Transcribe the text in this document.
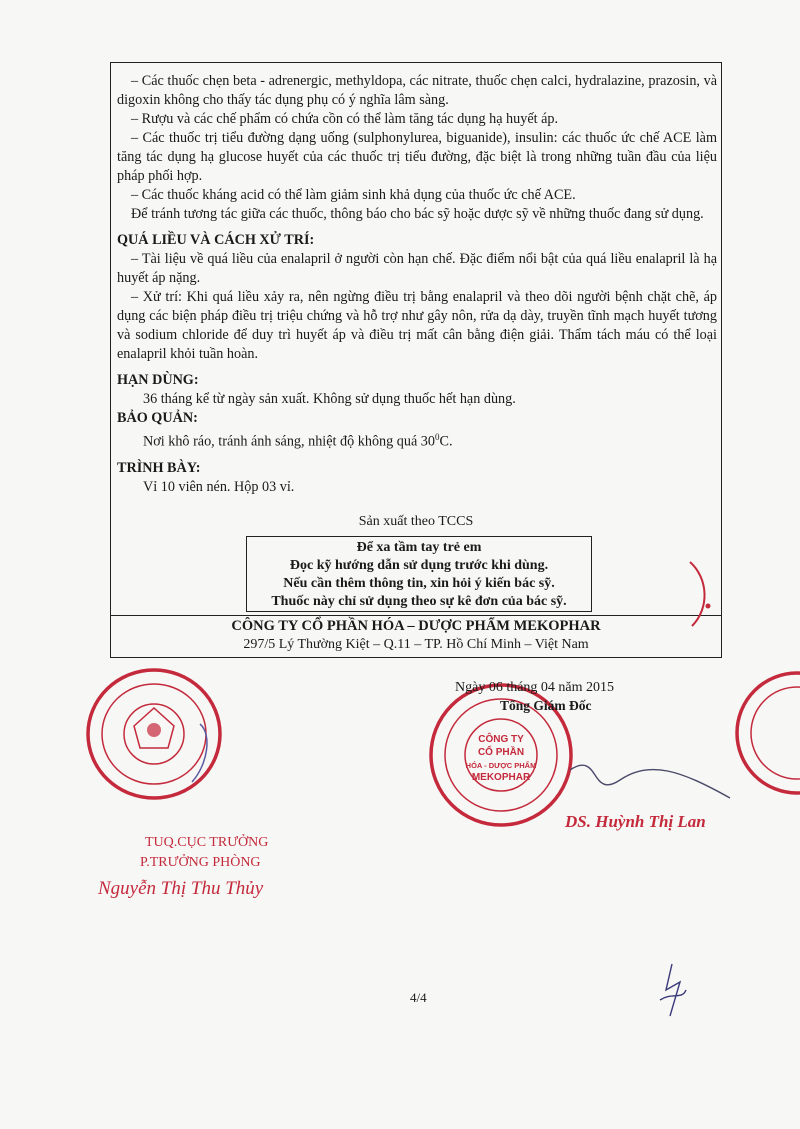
– Các thuốc chẹn beta - adrenergic, methyldopa, các nitrate, thuốc chẹn calci, hydralazine, prazosin, và digoxin không cho thấy tác dụng phụ có ý nghĩa lâm sàng.

– Rượu và các chế phẩm có chứa cồn có thể làm tăng tác dụng hạ huyết áp.

– Các thuốc trị tiểu đường dạng uống (sulphonylurea, biguanide), insulin: các thuốc ức chế ACE làm tăng tác dụng hạ glucose huyết của các thuốc trị tiểu đường, đặc biệt là trong những tuần đầu của liệu pháp phối hợp.

– Các thuốc kháng acid có thể làm giảm sinh khả dụng của thuốc ức chế ACE.

Để tránh tương tác giữa các thuốc, thông báo cho bác sỹ hoặc dược sỹ về những thuốc đang sử dụng.

QUÁ LIỀU VÀ CÁCH XỬ TRÍ:

– Tài liệu về quá liều của enalapril ở người còn hạn chế. Đặc điểm nổi bật của quá liều enalapril là hạ huyết áp nặng.

– Xử trí: Khi quá liều xảy ra, nên ngừng điều trị bằng enalapril và theo dõi người bệnh chặt chẽ, áp dụng các biện pháp điều trị triệu chứng và hỗ trợ như gây nôn, rửa dạ dày, truyền tĩnh mạch huyết tương và sodium chloride để duy trì huyết áp và điều trị mất cân bằng điện giải. Thẩm tách máu có thể loại enalapril khỏi tuần hoàn.

HẠN DÙNG:

36 tháng kể từ ngày sản xuất. Không sử dụng thuốc hết hạn dùng.

BẢO QUẢN:

Nơi khô ráo, tránh ánh sáng, nhiệt độ không quá $30^0C$.

TRÌNH BÀY:

Vỉ 10 viên nén. Hộp 03 vỉ.

Sản xuất theo TCCS
Để xa tầm tay trẻ em
Đọc kỹ hướng dẫn sử dụng trước khi dùng.
Nếu cần thêm thông tin, xin hỏi ý kiến bác sỹ.
Thuốc này chỉ sử dụng theo sự kê đơn của bác sỹ.
CÔNG TY CỔ PHẦN HÓA – DƯỢC PHẨM MEKOPHAR
297/5 Lý Thường Kiệt – Q.11 – TP. Hồ Chí Minh – Việt Nam
CÔNG TY
CỔ PHẦN
HÓA - DƯỢC PHẨM
MEKOPHAR
Ngày 06 tháng 04 năm 2015
Tổng Giám Đốc
DS. Huỳnh Thị Lan
TUQ.CỤC TRƯỞNG
P.TRƯỞNG PHÒNG
Nguyễn Thị Thu Thủy
4/4
